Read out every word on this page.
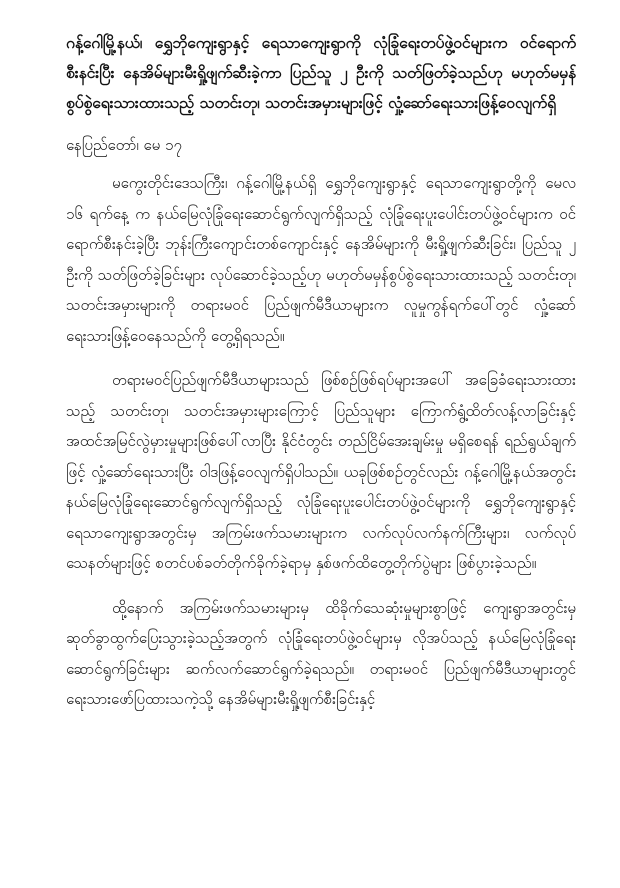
ဂန့်ဂေါမြို့နယ်၊ ရွှေဘိုကျေးရွာနှင့် ရေသာကျေးရွာကို လုံခြုံရေးတပ်ဖွဲ့ဝင်များက ဝင်ရောက်စီးနင်းပြီး နေအိမ်များမီးရှို့ဖျက်ဆီးခဲ့ကာ ပြည်သူ ၂ ဦးကို သတ်ဖြတ်ခဲ့သည်ဟု မဟုတ်မမှန်စွပ်စွဲရေးသားထားသည့် သတင်းတု၊ သတင်းအမှားများဖြင့် လှုံ့ဆော်ရေးသားဖြန့်ဝေလျက်ရှိ

နေပြည်တော်၊ မေ ၁၇

မကွေးတိုင်းဒေသကြီး၊ ဂန့်ဂေါမြို့နယ်ရှိ ရွှေဘိုကျေးရွာနှင့် ရေသာကျေးရွာတို့ကို မေလ ၁၆ ရက်နေ့ က နယ်မြေလုံခြုံရေးဆောင်ရွက်လျက်ရှိသည့် လုံခြုံရေးပူးပေါင်းတပ်ဖွဲ့ဝင်များက ဝင်ရောက်စီးနင်းခဲ့ပြီး ဘုန်းကြီးကျောင်းတစ်ကျောင်းနှင့် နေအိမ်များကို မီးရှို့ဖျက်ဆီးခြင်း၊ ပြည်သူ ၂ ဦးကို သတ်ဖြတ်ခဲ့ခြင်းများ လုပ်ဆောင်ခဲ့သည့်ဟု မဟုတ်မမှန်စွပ်စွဲရေးသားထားသည့် သတင်းတု၊ သတင်းအမှားများကို တရားမဝင် ပြည်ဖျက်မီဒီယာများက လူမှုကွန်ရက်ပေါ်တွင် လှုံ့ဆော်ရေးသားဖြန့်ဝေနေသည်ကို တွေ့ရှိရသည်။

တရားမဝင်ပြည်ဖျက်မီဒီယာများသည် ဖြစ်စဉ်ဖြစ်ရပ်များအပေါ် အခြေခံရေးသားထားသည့် သတင်းတု၊ သတင်းအမှားများကြောင့် ပြည်သူများ ကြောက်ရွံ့ထိတ်လန့်လာခြင်းနှင့် အထင်အမြင်လွဲမှားမှုများဖြစ်ပေါ်လာပြီး နိုင်ငံတွင်း တည်ငြိမ်အေးချမ်းမှု မရှိစေရန် ရည်ရွယ်ချက်ဖြင့် လှုံ့ဆော်ရေးသားပြီး ဝါဒဖြန့်ဝေလျက်ရှိပါသည်။ ယခုဖြစ်စဉ်တွင်လည်း ဂန့်ဂေါမြို့နယ်အတွင်း နယ်မြေလုံခြုံရေးဆောင်ရွက်လျက်ရှိသည့် လုံခြုံရေးပူးပေါင်းတပ်ဖွဲ့ဝင်များကို ရွှေဘိုကျေးရွာနှင့် ရေသာကျေးရွာအတွင်းမှ အကြမ်းဖက်သမားများက လက်လုပ်လက်နက်ကြီးများ၊ လက်လုပ်သေနတ်များဖြင့် စတင်ပစ်ခတ်တိုက်ခိုက်ခဲ့ရာမှ နှစ်ဖက်ထိတွေ့တိုက်ပွဲများ ဖြစ်ပွားခဲ့သည်။

ထို့နောက် အကြမ်းဖက်သမားများမှ ထိခိုက်သေဆုံးမှုများစွာဖြင့် ကျေးရွာအတွင်းမှ ဆုတ်ခွာထွက်ပြေးသွားခဲ့သည့်အတွက် လုံခြုံရေးတပ်ဖွဲ့ဝင်များမှ လိုအပ်သည့် နယ်မြေလုံခြုံရေးဆောင်ရွက်ခြင်းများ ဆက်လက်ဆောင်ရွက်ခဲ့ရသည်။ တရားမဝင် ပြည်ဖျက်မီဒီယာများတွင် ရေးသားဖော်ပြထားသကဲ့သို့ နေအိမ်များမီးရှို့ဖျက်စီးခြင်းနှင့်
